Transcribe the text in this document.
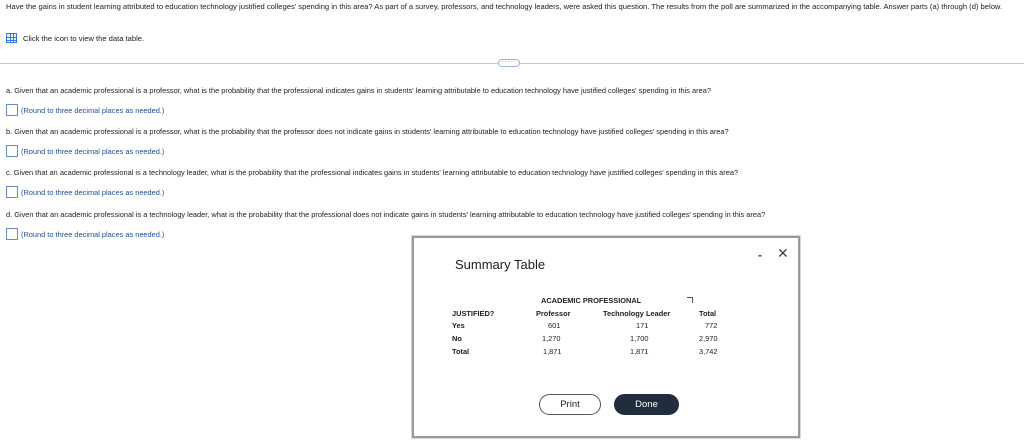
Have the gains in student learning attributed to education technology justified colleges' spending in this area? As part of a survey, professors, and technology leaders, were asked this question. The results from the poll are summarized in the accompanying table. Answer parts (a) through (d) below.
Click the icon to view the data table.
·····
a. Given that an academic professional is a professor, what is the probability that the professional indicates gains in students' learning attributable to education technology have justified colleges' spending in this area?
(Round to three decimal places as needed.)
b. Given that an academic professional is a professor, what is the probability that the professor does not indicate gains in students' learning attributable to education technology have justified colleges' spending in this area?
(Round to three decimal places as needed.)
c. Given that an academic professional is a technology leader, what is the probability that the professional indicates gains in students' learning attributable to education technology have justified colleges' spending in this area?
(Round to three decimal places as needed.)
d. Given that an academic professional is a technology leader, what is the probability that the professional does not indicate gains in students' learning attributable to education technology have justified colleges' spending in this area?
(Round to three decimal places as needed.)
Summary Table
- ✕
ACADEMIC PROFESSIONAL
JUSTIFIED?	Professor	Technology Leader	Total
Yes	601	171	772
No	1,270	1,700	2,970
Total	1,871	1,871	3,742
Print	Done
